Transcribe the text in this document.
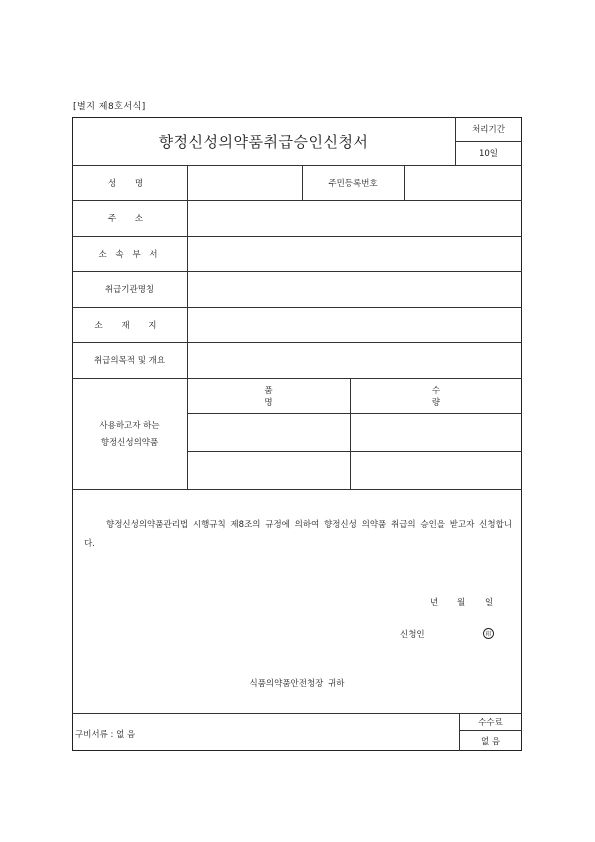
[별지 제8호서식]
향정신성의약품취급승인신청서
처리기간
10일
성 명	주민등록번호
주 소
소 속 부 서
취급기관명칭
소 재 지
취급의목적 및 개요
사용하고자 하는
향정신성의약품
품 명
수 량
향정신성의약품관리법 시행규칙 제8조의 규정에 의하여 향정신성 의약품 취급의 승인을 받고자 신청합니다.
년 월 일
신청인	印
식품의약품안전청장 귀하
구비서류 : 없 음
수수료
없 음
